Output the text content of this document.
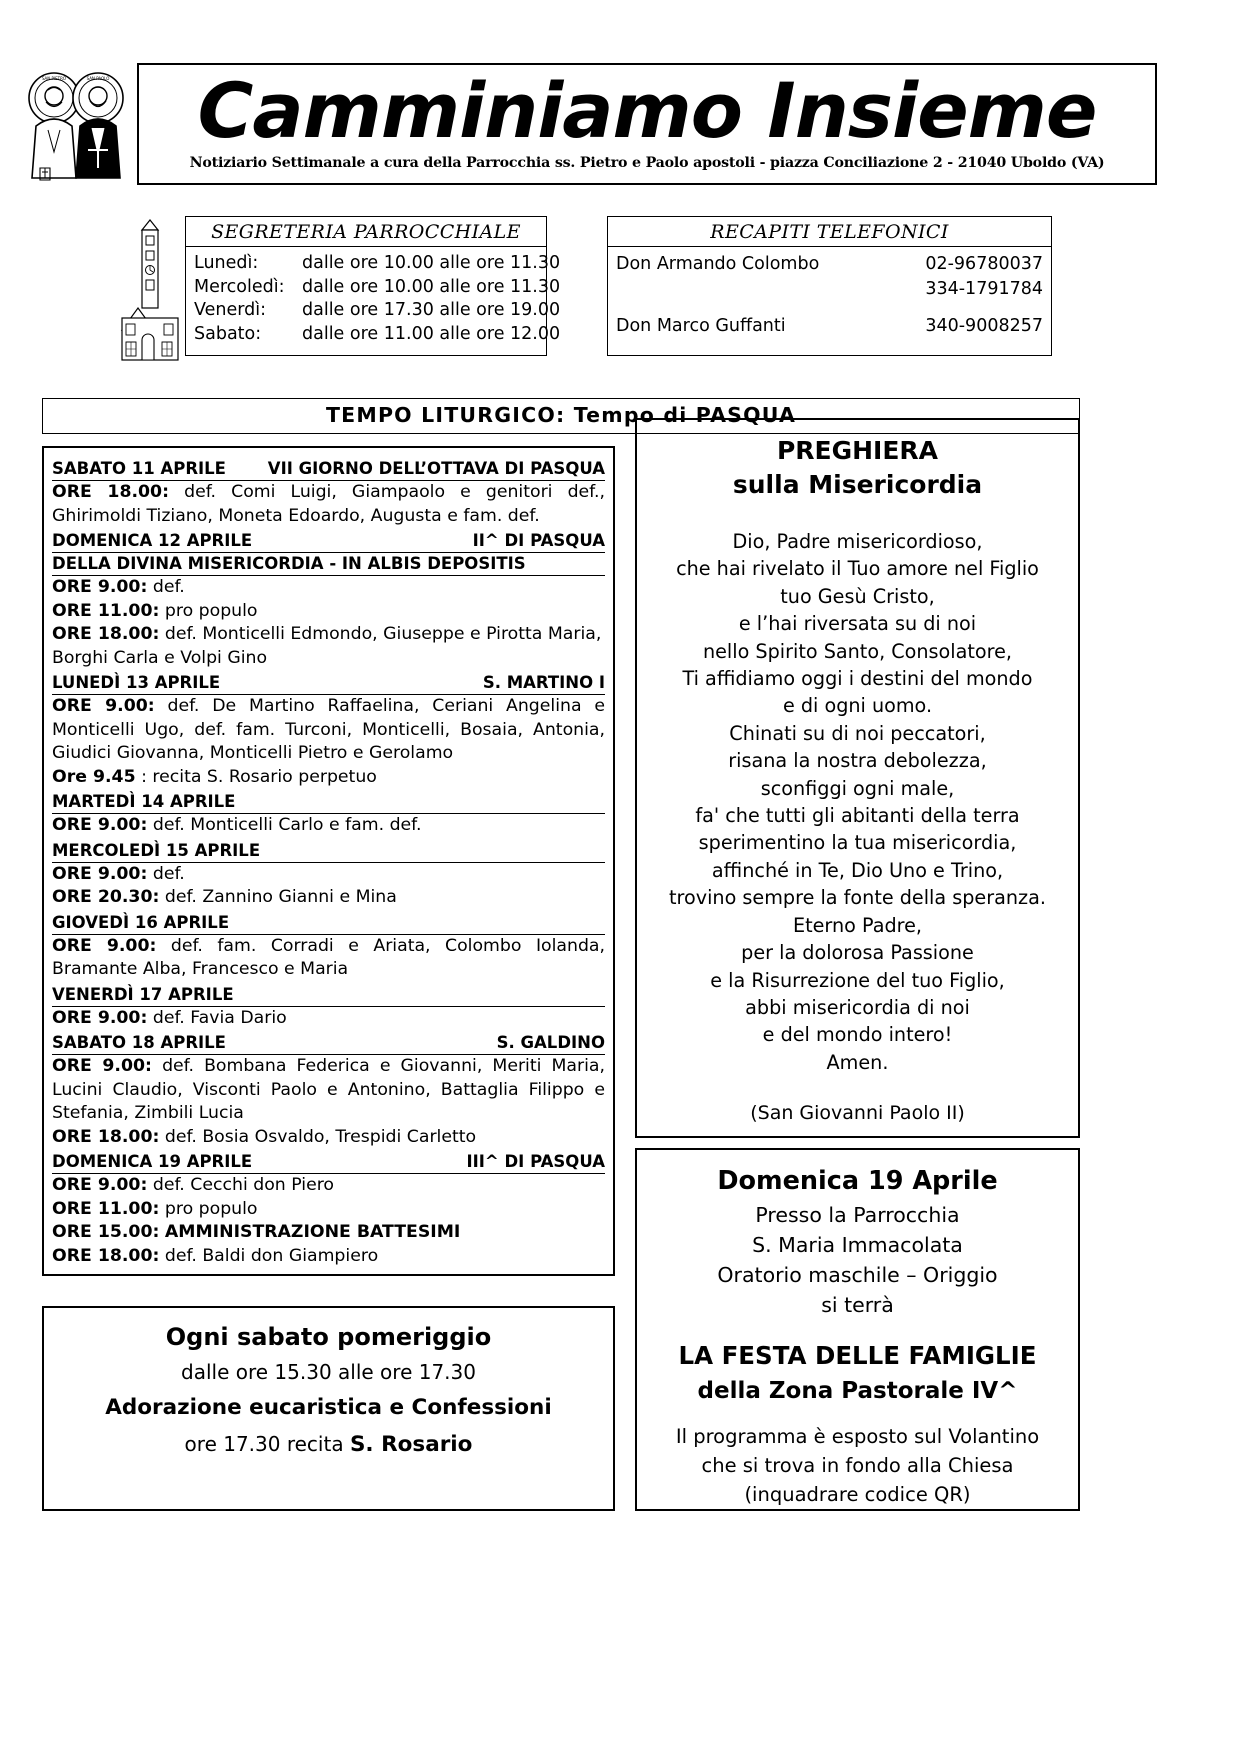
SAN PIETRO	SAN PAOLO	Camminiamo Insieme
Notiziario Settimanale a cura della Parrocchia ss. Pietro e Paolo apostoli - piazza Conciliazione 2 - 21040 Uboldo (VA)
SEGRETERIA PARROCCHIALE
Lunedì: dalle ore 10.00 alle ore 11.30
Mercoledì: dalle ore 10.00 alle ore 11.30
Venerdì: dalle ore 17.30 alle ore 19.00
Sabato: dalle ore 11.00 alle ore 12.00
RECAPITI TELEFONICI
Don Armando Colombo	02-96780037
334-1791784
Don Marco Guffanti	340-9008257
TEMPO LITURGICO: Tempo di PASQUA
SABATO 11 APRILE	VII GIORNO DELL’OTTAVA DI PASQUA
ORE 18.00: def. Comi Luigi, Giampaolo e genitori def., Ghirimoldi Tiziano, Moneta Edoardo, Augusta e fam. def.
DOMENICA 12 APRILE	II^ DI PASQUA
DELLA DIVINA MISERICORDIA - IN ALBIS DEPOSITIS
ORE 9.00: def.
ORE 11.00: pro populo
ORE 18.00: def. Monticelli Edmondo, Giuseppe e Pirotta Maria, Borghi Carla e Volpi Gino
LUNEDÌ 13 APRILE	S. MARTINO I
ORE 9.00: def. De Martino Raffaelina, Ceriani Angelina e Monticelli Ugo, def. fam. Turconi, Monticelli, Bosaia, Antonia, Giudici Giovanna, Monticelli Pietro e Gerolamo
Ore 9.45 : recita S. Rosario perpetuo
MARTEDÌ 14 APRILE
ORE 9.00: def. Monticelli Carlo e fam. def.
MERCOLEDÌ 15 APRILE
ORE 9.00: def.
ORE 20.30: def. Zannino Gianni e Mina
GIOVEDÌ 16 APRILE
ORE 9.00: def. fam. Corradi e Ariata, Colombo Iolanda, Bramante Alba, Francesco e Maria
VENERDÌ 17 APRILE
ORE 9.00: def. Favia Dario
SABATO 18 APRILE	S. GALDINO
ORE 9.00: def. Bombana Federica e Giovanni, Meriti Maria, Lucini Claudio, Visconti Paolo e Antonino, Battaglia Filippo e Stefania, Zimbili Lucia
ORE 18.00: def. Bosia Osvaldo, Trespidi Carletto
DOMENICA 19 APRILE	III^ DI PASQUA
ORE 9.00: def. Cecchi don Piero
ORE 11.00: pro populo
ORE 15.00: AMMINISTRAZIONE BATTESIMI
ORE 18.00: def. Baldi don Giampiero
Ogni sabato pomeriggio
dalle ore 15.30 alle ore 17.30
Adorazione eucaristica e Confessioni
ore 17.30 recita S. Rosario
PREGHIERA
sulla Misericordia
Dio, Padre misericordioso,
che hai rivelato il Tuo amore nel Figlio
tuo Gesù Cristo,
e l’hai riversata su di noi
nello Spirito Santo, Consolatore,
Ti affidiamo oggi i destini del mondo
e di ogni uomo.
Chinati su di noi peccatori,
risana la nostra debolezza,
sconfiggi ogni male,
fa' che tutti gli abitanti della terra
sperimentino la tua misericordia,
affinché in Te, Dio Uno e Trino,
trovino sempre la fonte della speranza.
Eterno Padre,
per la dolorosa Passione
e la Risurrezione del tuo Figlio,
abbi misericordia di noi
e del mondo intero!
Amen.
(San Giovanni Paolo II)
Domenica 19 Aprile
Presso la Parrocchia
S. Maria Immacolata
Oratorio maschile – Origgio
si terrà
LA FESTA DELLE FAMIGLIE
della Zona Pastorale IV^
Il programma è esposto sul Volantino
che si trova in fondo alla Chiesa
(inquadrare codice QR)
